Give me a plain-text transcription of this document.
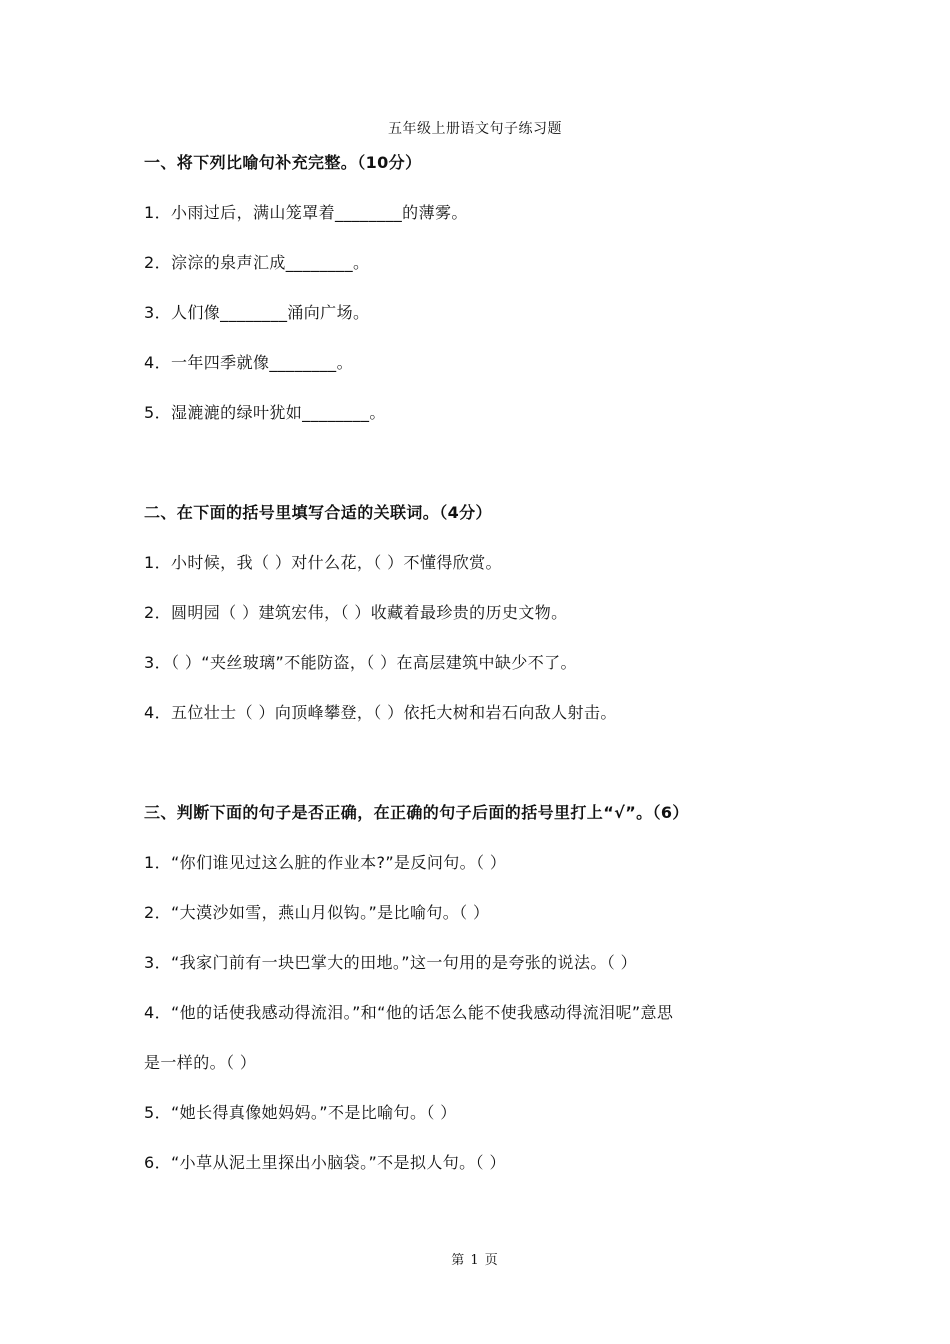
五年级上册语文句子练习题
一、将下列比喻句补充完整。（10分）
1．小雨过后，满山笼罩着________的薄雾。
2．淙淙的泉声汇成________。
3．人们像________涌向广场。
4．一年四季就像________。
5．湿漉漉的绿叶犹如________。
二、在下面的括号里填写合适的关联词。（4分）
1．小时候，我（ ）对什么花，（ ）不懂得欣赏。
2．圆明园（ ）建筑宏伟，（ ）收藏着最珍贵的历史文物。
3．（ ）“夹丝玻璃”不能防盗，（ ）在高层建筑中缺少不了。
4．五位壮士（ ）向顶峰攀登，（ ）依托大树和岩石向敌人射击。
三、判断下面的句子是否正确，在正确的句子后面的括号里打上“√”。（6）
1．“你们谁见过这么脏的作业本?”是反问句。（ ）
2．“大漠沙如雪，燕山月似钩。”是比喻句。（ ）
3．“我家门前有一块巴掌大的田地。”这一句用的是夸张的说法。（ ）
4．“他的话使我感动得流泪。”和“他的话怎么能不使我感动得流泪呢”意思
是一样的。（ ）
5．“她长得真像她妈妈。”不是比喻句。（ ）
6．“小草从泥土里探出小脑袋。”不是拟人句。（ ）
第 1 页
